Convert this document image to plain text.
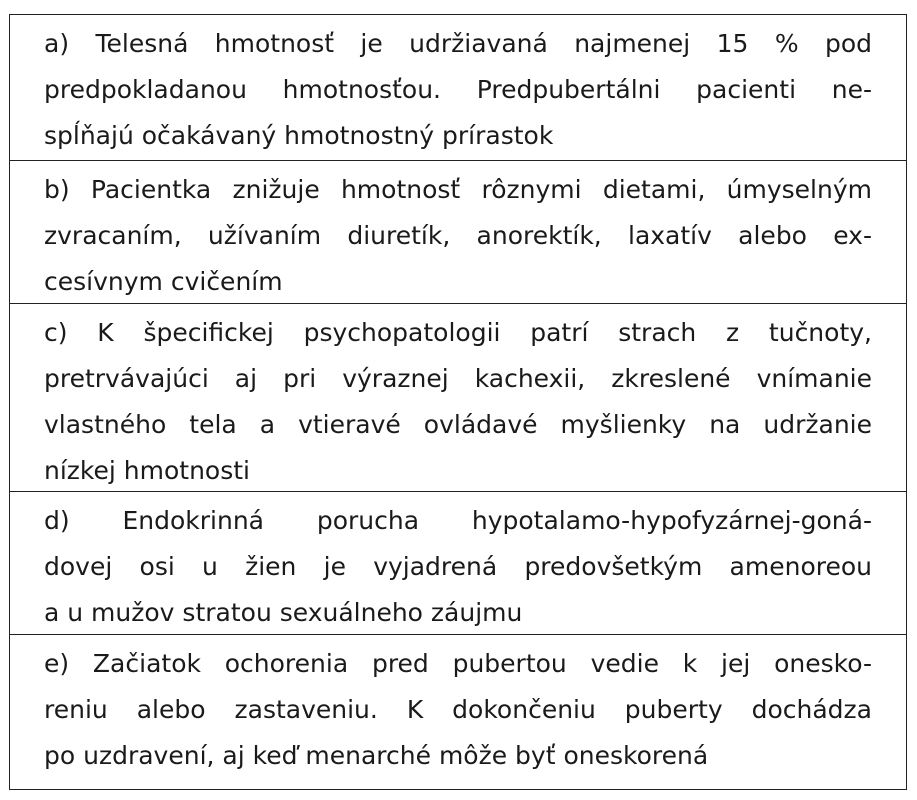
a) Telesná hmotnosť je udržiavaná najmenej 15 % pod
predpokladanou hmotnosťou. Predpubertálni pacienti ne-
spĺňajú očakávaný hmotnostný prírastok
b) Pacientka znižuje hmotnosť rôznymi dietami, úmyselným
zvracaním, užívaním diuretík, anorektík, laxatív alebo ex-
cesívnym cvičením
c) K špecifickej psychopatologii patrí strach z tučnoty,
pretrvávajúci aj pri výraznej kachexii, zkreslené vnímanie
vlastného tela a vtieravé ovládavé myšlienky na udržanie
nízkej hmotnosti
d) Endokrinná porucha hypotalamo-hypofyzárnej-goná-
dovej osi u žien je vyjadrená predovšetkým amenoreou
a u mužov stratou sexuálneho záujmu
e) Začiatok ochorenia pred pubertou vedie k jej onesko-
reniu alebo zastaveniu. K dokončeniu puberty dochádza
po uzdravení, aj keď menarché môže byť oneskorená
